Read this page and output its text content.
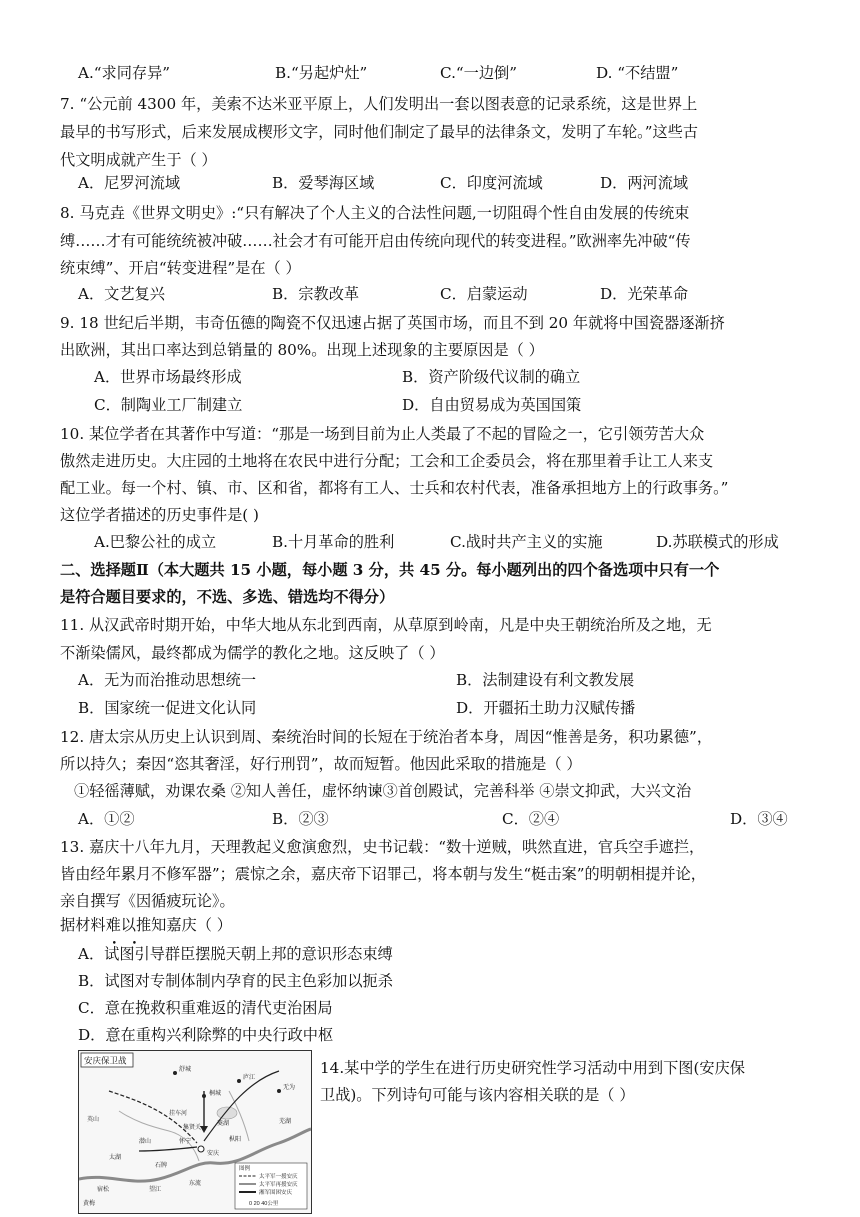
A.“求同存异”	B.“另起炉灶”	C.“一边倒”	D. “不结盟”
7. “公元前 4300 年，美索不达米亚平原上，人们发明出一套以图表意的记录系统，这是世界上
最早的书写形式，后来发展成楔形文字，同时他们制定了最早的法律条文，发明了车轮。”这些古
代文明成就产生于（ ）
A．尼罗河流域	B．爱琴海区域	C．印度河流域	D．两河流域
8. 马克垚《世界文明史》:“只有解决了个人主义的合法性问题,一切阻碍个性自由发展的传统束
缚……才有可能统统被冲破……社会才有可能开启由传统向现代的转变进程。”欧洲率先冲破“传
统束缚”、开启“转变进程”是在（ ）
A．文艺复兴	B．宗教改革	C．启蒙运动	D．光荣革命
9. 18 世纪后半期，韦奇伍德的陶瓷不仅迅速占据了英国市场，而且不到 20 年就将中国瓷器逐渐挤
出欧洲，其出口率达到总销量的 80%。出现上述现象的主要原因是（ ）
A．世界市场最终形成	B．资产阶级代议制的确立
C．制陶业工厂制建立	D．自由贸易成为英国国策
10. 某位学者在其著作中写道：“那是一场到目前为止人类最了不起的冒险之一，它引领劳苦大众
傲然走进历史。大庄园的土地将在农民中进行分配；工会和工企委员会，将在那里着手让工人来支
配工业。每一个村、镇、市、区和省，都将有工人、士兵和农村代表，准备承担地方上的行政事务。”
这位学者描述的历史事件是( )
A.巴黎公社的成立	B.十月革命的胜利	C.战时共产主义的实施	D.苏联模式的形成
二、选择题Ⅱ（本大题共 15 小题，每小题 3 分，共 45 分。每小题列出的四个备选项中只有一个
是符合题目要求的，不选、多选、错选均不得分）
11. 从汉武帝时期开始，中华大地从东北到西南，从草原到岭南，凡是中央王朝统治所及之地，无
不渐染儒风，最终都成为儒学的教化之地。这反映了（ ）
A．无为而治推动思想统一	B．法制建设有利文教发展
B．国家统一促进文化认同	D．开疆拓土助力汉赋传播
12. 唐太宗从历史上认识到周、秦统治时间的长短在于统治者本身，周因“惟善是务，积功累德”，
所以持久；秦因“恣其奢淫，好行刑罚”，故而短暂。他因此采取的措施是（ ）
①轻徭薄赋，劝课农桑 ②知人善任，虚怀纳谏③首创殿试，完善科举 ④崇文抑武，大兴文治
A．①②	B．②③	C．②④	D．③④
13. 嘉庆十八年九月，天理教起义愈演愈烈，史书记载：“数十逆贼，哄然直进，官兵空手遮拦，
皆由经年累月不修军器”；震惊之余，嘉庆帝下诏罪己，将本朝与发生“梃击案”的明朝相提并论，
亲自撰写《因循疲玩论》。
据材料难以 • •推知嘉庆（ ）
A．试图引导群臣摆脱天朝上邦的意识形态束缚
B．试图对专制体制内孕育的民主色彩加以扼杀
C．意在挽救积重难返的清代吏治困局
D．意在重构兴利除弊的中央行政中枢
14.某中学的学生在进行历史研究性学习活动中用到下图(安庆保
卫战)。下列诗句可能与该内容相关联的是（ ）
安庆保卫战
舒城
桐城
庐江
无为
安庆
怀宁
潜山
太湖
枞阳
集贤关
菱湖
挂车河
宿松	望江
东流
石牌
英山
黄梅
芜湖
图例
太平军一援安庆
太平军再援安庆
湘军围困安庆
0 20 40公里
